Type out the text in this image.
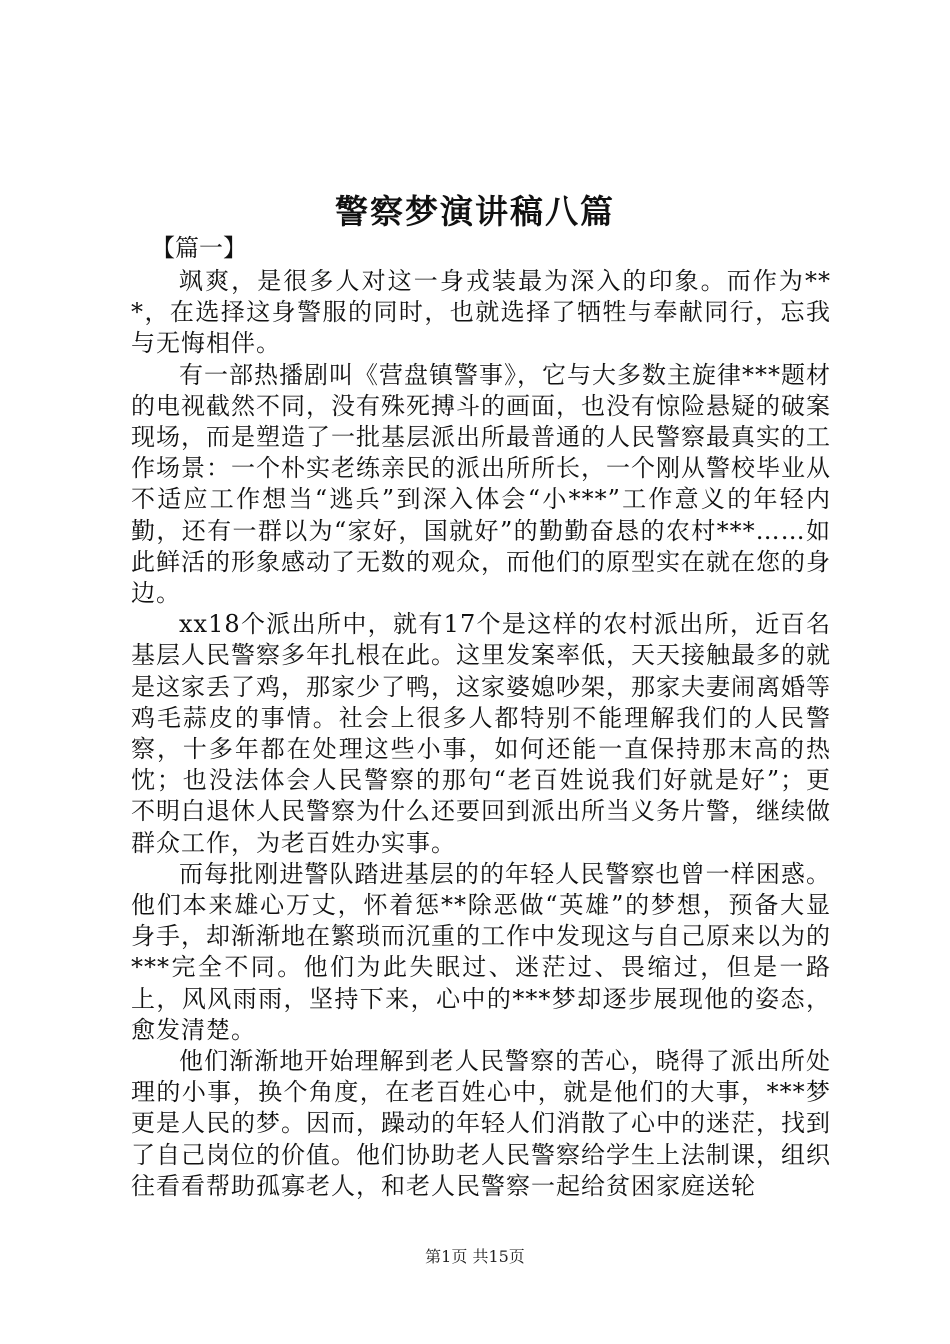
警察梦演讲稿八篇

【篇一】

飒爽，是很多人对这一身戎装最为深入的印象。而作为***，在选择这身警服的同时，也就选择了牺牲与奉献同行，忘我与无悔相伴。

有一部热播剧叫《营盘镇警事》，它与大多数主旋律***题材的电视截然不同，没有殊死搏斗的画面，也没有惊险悬疑的破案现场，而是塑造了一批基层派出所最普通的人民警察最真实的工作场景：一个朴实老练亲民的派出所所长，一个刚从警校毕业从不适应工作想当“逃兵”到深入体会“小***”工作意义的年轻内勤，还有一群以为“家好，国就好”的勤勤奋恳的农村***……如此鲜活的形象感动了无数的观众，而他们的原型实在就在您的身边。

xx18个派出所中，就有17个是这样的农村派出所，近百名基层人民警察多年扎根在此。这里发案率低，天天接触最多的就是这家丢了鸡，那家少了鸭，这家婆媳吵架，那家夫妻闹离婚等鸡毛蒜皮的事情。社会上很多人都特别不能理解我们的人民警察，十多年都在处理这些小事，如何还能一直保持那末高的热忱；也没法体会人民警察的那句“老百姓说我们好就是好”；更不明白退休人民警察为什么还要回到派出所当义务片警，继续做群众工作，为老百姓办实事。

而每批刚进警队踏进基层的的年轻人民警察也曾一样困惑。他们本来雄心万丈，怀着惩**除恶做“英雄”的梦想，预备大显身手，却渐渐地在繁琐而沉重的工作中发现这与自己原来以为的***完全不同。他们为此失眠过、迷茫过、畏缩过，但是一路上，风风雨雨，坚持下来，心中的***梦却逐步展现他的姿态，愈发清楚。

他们渐渐地开始理解到老人民警察的苦心，晓得了派出所处理的小事，换个角度，在老百姓心中，就是他们的大事，***梦更是人民的梦。因而，躁动的年轻人们消散了心中的迷茫，找到了自己岗位的价值。他们协助老人民警察给学生上法制课，组织往看看帮助孤寡老人，和老人民警察一起给贫困家庭送轮

第1页 共15页
